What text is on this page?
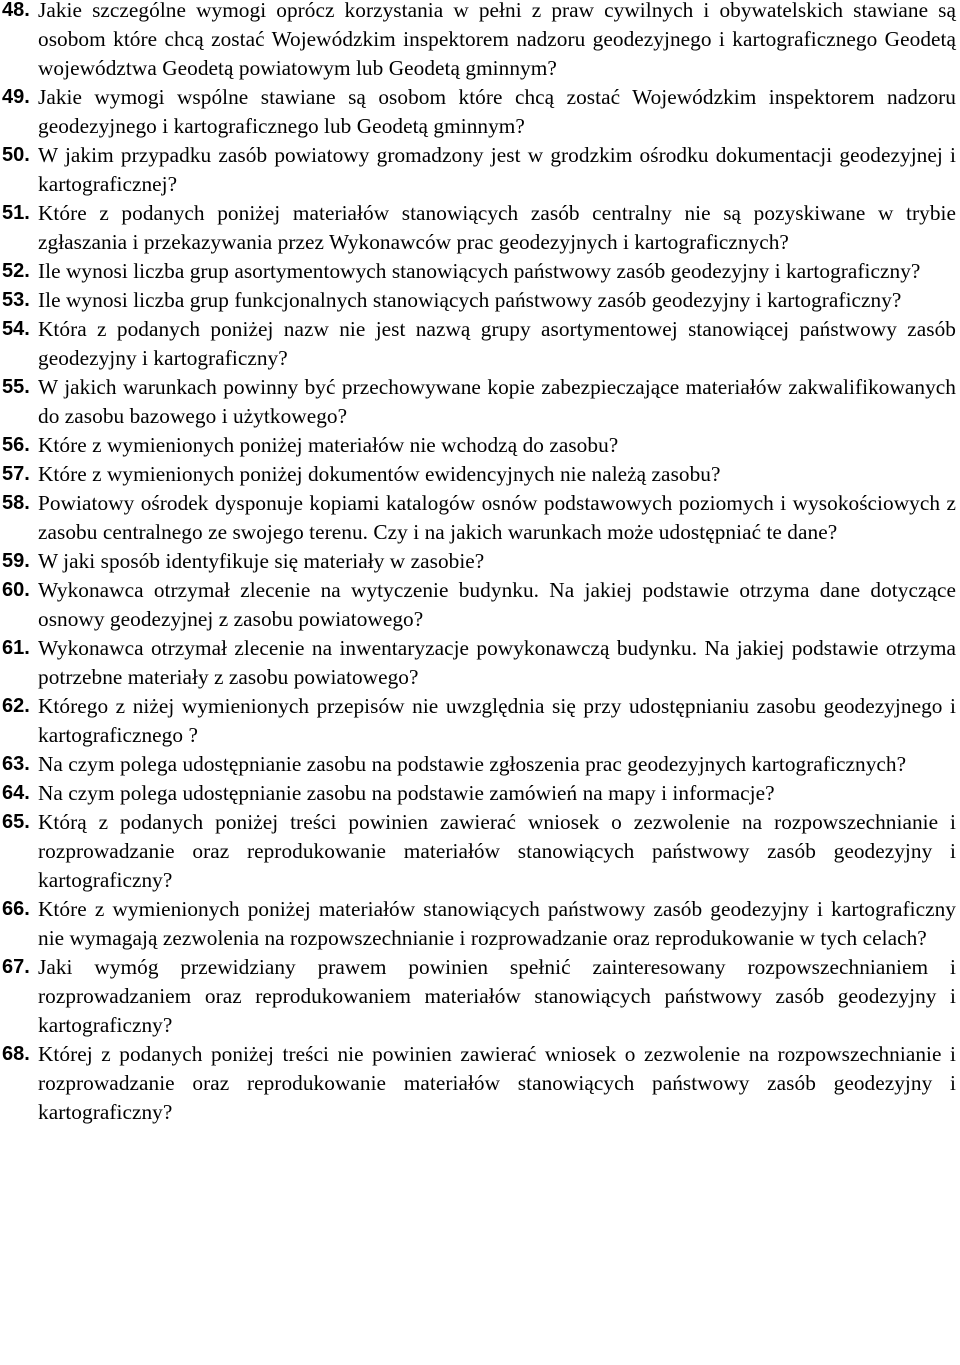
48. Jakie szczególne wymogi oprócz korzystania w pełni z praw cywilnych i obywatelskich stawiane są osobom które chcą zostać Wojewódzkim inspektorem nadzoru geodezyjnego i kartograficznego Geodetą województwa Geodetą powiatowym lub Geodetą gminnym?
49. Jakie wymogi wspólne stawiane są osobom które chcą zostać Wojewódzkim inspektorem nadzoru geodezyjnego i kartograficznego lub Geodetą gminnym?
50. W jakim przypadku zasób powiatowy gromadzony jest w grodzkim ośrodku dokumentacji geodezyjnej i kartograficznej?
51. Które z podanych poniżej materiałów stanowiących zasób centralny nie są pozyskiwane w trybie zgłaszania i przekazywania przez Wykonawców prac geodezyjnych i kartograficznych?
52. Ile wynosi liczba grup asortymentowych stanowiących państwowy zasób geodezyjny i kartograficzny?
53. Ile wynosi liczba grup funkcjonalnych stanowiących państwowy zasób geodezyjny i kartograficzny?
54. Która z podanych poniżej nazw nie jest nazwą grupy asortymentowej stanowiącej państwowy zasób geodezyjny i kartograficzny?
55. W jakich warunkach powinny być przechowywane kopie zabezpieczające materiałów zakwalifikowanych do zasobu bazowego i użytkowego?
56. Które z wymienionych poniżej materiałów nie wchodzą do zasobu?
57. Które z wymienionych poniżej dokumentów ewidencyjnych nie należą zasobu?
58. Powiatowy ośrodek dysponuje kopiami katalogów osnów podstawowych poziomych i wysokościowych z zasobu centralnego ze swojego terenu. Czy i na jakich warunkach może udostępniać te dane?
59. W jaki sposób identyfikuje się materiały w zasobie?
60. Wykonawca otrzymał zlecenie na wytyczenie budynku. Na jakiej podstawie otrzyma dane dotyczące osnowy geodezyjnej z zasobu powiatowego?
61. Wykonawca otrzymał zlecenie na inwentaryzacje powykonawczą budynku. Na jakiej podstawie otrzyma potrzebne materiały z zasobu powiatowego?
62. Którego z niżej wymienionych przepisów nie uwzględnia się przy udostępnianiu zasobu geodezyjnego i kartograficznego ?
63. Na czym polega udostępnianie zasobu na podstawie zgłoszenia prac geodezyjnych kartograficznych?
64. Na czym polega udostępnianie zasobu na podstawie zamówień na mapy i informacje?
65. Którą z podanych poniżej treści powinien zawierać wniosek o zezwolenie na rozpowszechnianie i rozprowadzanie oraz reprodukowanie materiałów stanowiących państwowy zasób geodezyjny i kartograficzny?
66. Które z wymienionych poniżej materiałów stanowiących państwowy zasób geodezyjny i kartograficzny nie wymagają zezwolenia na rozpowszechnianie i rozprowadzanie oraz reprodukowanie w tych celach?
67. Jaki wymóg przewidziany prawem powinien spełnić zainteresowany rozpowszechnianiem i rozprowadzaniem oraz reprodukowaniem materiałów stanowiących państwowy zasób geodezyjny i kartograficzny?
68. Której z podanych poniżej treści nie powinien zawierać wniosek o zezwolenie na rozpowszechnianie i rozprowadzanie oraz reprodukowanie materiałów stanowiących państwowy zasób geodezyjny i kartograficzny?
